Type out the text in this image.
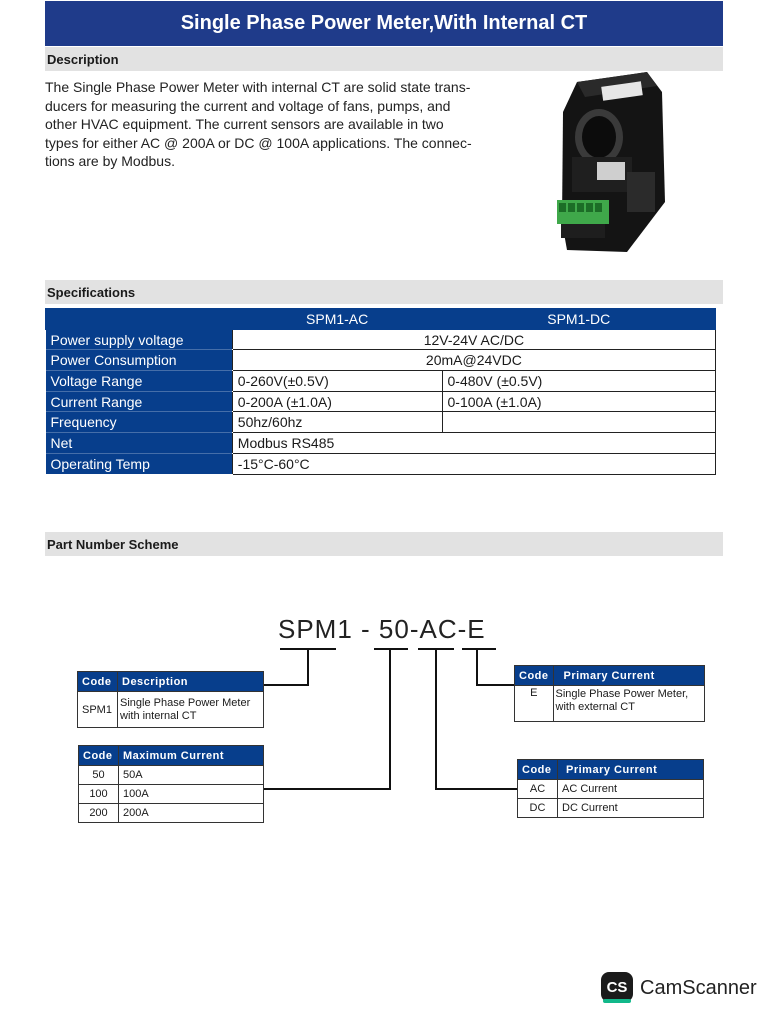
Single Phase Power Meter,With Internal CT
Description
The Single Phase Power Meter with internal CT are solid state trans-
ducers for measuring the current and voltage of fans, pumps, and
other HVAC equipment. The current sensors are available in two
types for either AC @ 200A or DC @ 100A applications. The connec-
tions are by Modbus.
Specifications
	SPM1-AC	SPM1-DC
Power supply voltage	12V-24V AC/DC	
Power Consumption	20mA@24VDC	
Voltage Range	0-260V(±0.5V)	0-480V (±0.5V)
Current Range	0-200A (±1.0A)	0-100A (±1.0A)
Frequency	50hz/60hz	
Net	Modbus RS485	
Operating Temp	-15°C-60°C	
Part Number Scheme
SPM1 - 50-AC-E
Code	Description
SPM1	Single Phase Power Meter
with internal CT
Code	Maximum Current
50	50A
100	100A
200	200A
Code	Primary Current
E	Single Phase Power Meter,
with external CT
Code	Primary Current
AC	AC Current
DC	DC Current
CS CamScanner
